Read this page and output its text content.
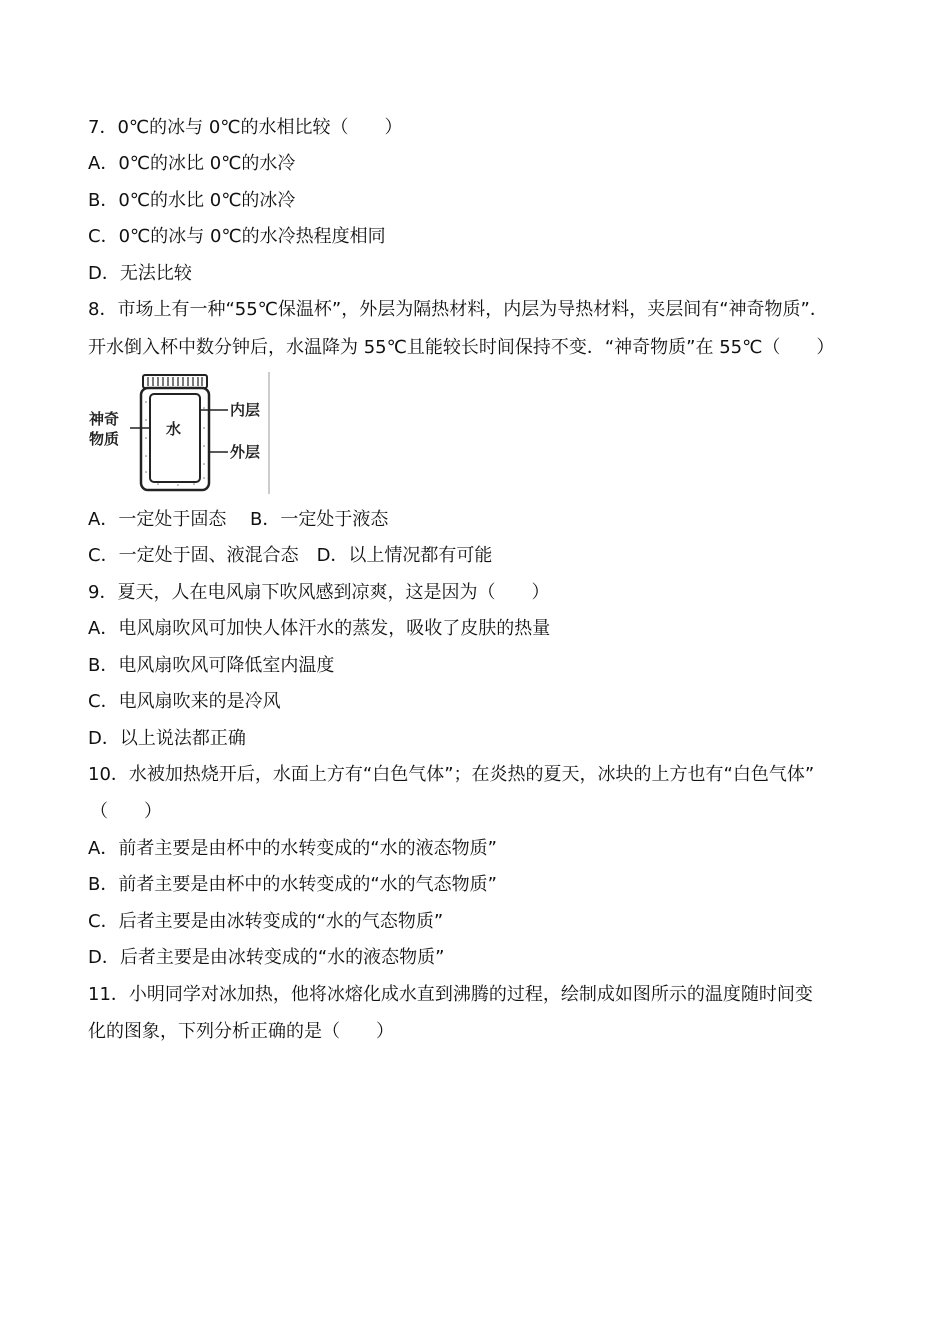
7．0℃的冰与 0℃的水相比较（　　）
A．0℃的冰比 0℃的水冷
B．0℃的水比 0℃的冰冷
C．0℃的冰与 0℃的水冷热程度相同
D．无法比较
8．市场上有一种“55℃保温杯”，外层为隔热材料，内层为导热材料，夹层间有“神奇物质”．
开水倒入杯中数分钟后，水温降为 55℃且能较长时间保持不变．“神奇物质”在 55℃（　　）
神奇
物质
水
内层
外层
A．一定处于固态　 B．一定处于液态
C．一定处于固、液混合态　D．以上情况都有可能
9．夏天，人在电风扇下吹风感到凉爽，这是因为（　　）
A．电风扇吹风可加快人体汗水的蒸发，吸收了皮肤的热量
B．电风扇吹风可降低室内温度
C．电风扇吹来的是冷风
D．以上说法都正确
10．水被加热烧开后，水面上方有“白色气体”；在炎热的夏天，冰块的上方也有“白色气体”
（　　）
A．前者主要是由杯中的水转变成的“水的液态物质”
B．前者主要是由杯中的水转变成的“水的气态物质”
C．后者主要是由冰转变成的“水的气态物质”
D．后者主要是由冰转变成的“水的液态物质”
11．小明同学对冰加热，他将冰熔化成水直到沸腾的过程，绘制成如图所示的温度随时间变
化的图象，下列分析正确的是（　　）
